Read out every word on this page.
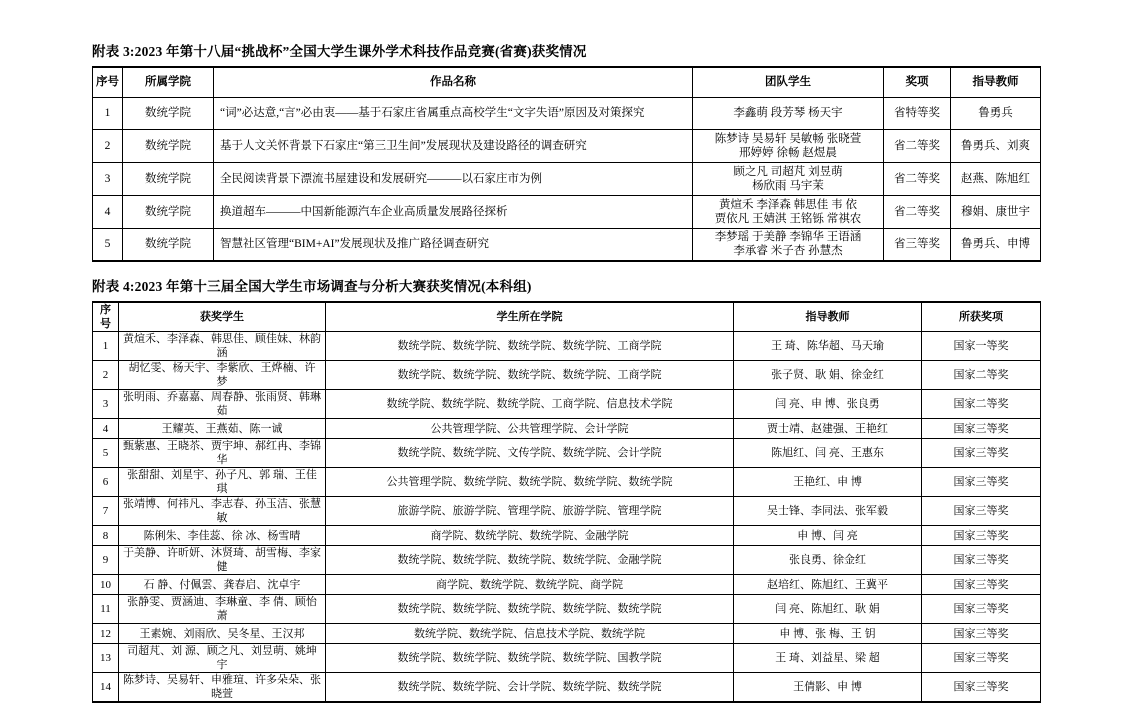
附表 3:2023 年第十八届“挑战杯”全国大学生课外学术科技作品竞赛(省赛)获奖情况
序号	所属学院	作品名称	团队学生	奖项	指导教师
1	数统学院	“词”必达意,“言”必由衷——基于石家庄省属重点高校学生“文字失语”原因及对策探究	李鑫萌 段芳琴 杨天宇	省特等奖	鲁勇兵
2	数统学院	基于人文关怀背景下石家庄“第三卫生间”发展现状及建设路径的调查研究	陈梦诗 吴易轩 吴敏畅 张晓萱
邢婷婷 徐畅 赵煜晨	省二等奖	鲁勇兵、刘爽
3	数统学院	全民阅读背景下漂流书屋建设和发展研究———以石家庄市为例	顾之凡 司超芃 刘昱萌
杨欣雨 马宇茉	省二等奖	赵燕、陈旭红
4	数统学院	换道超车———中国新能源汽车企业高质量发展路径探析	黄煊禾 李泽森 韩思佳 韦 依
贾依凡 王婧淇 王铭铄 常祺农	省二等奖	穆娟、康世宇
5	数统学院	智慧社区管理“BIM+AI”发展现状及推广路径调查研究	李梦瑶 于美静 李锦华 王语涵
李承睿 米子杏 孙慧杰	省三等奖	鲁勇兵、申博
附表 4:2023 年第十三届全国大学生市场调查与分析大赛获奖情况(本科组)
序号	获奖学生	学生所在学院	指导教师	所获奖项
1	黄煊禾、李泽森、韩思佳、顾佳妹、林韵涵	数统学院、数统学院、数统学院、数统学院、工商学院	王 琦、陈华超、马天瑜	国家一等奖
2	胡忆雯、杨天宇、李紫欣、王烨楠、许 梦	数统学院、数统学院、数统学院、数统学院、工商学院	张子贤、耿 娟、徐金红	国家二等奖
3	张明雨、乔嘉嘉、周春静、张雨贤、韩琳茹	数统学院、数统学院、数统学院、工商学院、信息技术学院	闫 亮、申 博、张良勇	国家二等奖
4	王耀英、王燕茹、陈一诚	公共管理学院、公共管理学院、会计学院	贾士靖、赵建强、王艳红	国家三等奖
5	甄紫惠、王晓苶、贾宇坤、郝红冉、李锦华	数统学院、数统学院、文传学院、数统学院、会计学院	陈旭红、闫 亮、王惠东	国家三等奖
6	张甜甜、刘星宇、孙子凡、郭 瑞、王佳琪	公共管理学院、数统学院、数统学院、数统学院、数统学院	王艳红、申 博	国家三等奖
7	张靖博、何祎凡、李志春、孙玉洁、张慧敏	旅游学院、旅游学院、管理学院、旅游学院、管理学院	吴士锋、李同法、张军毅	国家三等奖
8	陈俐朱、李佳蕊、徐 冰、杨雪晴	商学院、数统学院、数统学院、金融学院	申 博、闫 亮	国家三等奖
9	于美静、许昕妍、沐贤琦、胡雪梅、李家健	数统学院、数统学院、数统学院、数统学院、金融学院	张良勇、徐金红	国家三等奖
10	石 静、付佩雲、龚春启、沈卓宇	商学院、数统学院、数统学院、商学院	赵培红、陈旭红、王冀平	国家三等奖
11	张静雯、贾涵迪、李琳童、李 倩、顾怡萧	数统学院、数统学院、数统学院、数统学院、数统学院	闫 亮、陈旭红、耿 娟	国家三等奖
12	王素婉、刘雨欣、吴冬星、王汉邦	数统学院、数统学院、信息技术学院、数统学院	申 博、张 梅、王 钥	国家三等奖
13	司超芃、刘 源、顾之凡、刘昱萌、姚坤宇	数统学院、数统学院、数统学院、数统学院、国教学院	王 琦、刘益星、梁 超	国家三等奖
14	陈梦诗、吴易轩、申雅瑄、许多朵朵、张晓萱	数统学院、数统学院、会计学院、数统学院、数统学院	王倩影、申 博	国家三等奖
